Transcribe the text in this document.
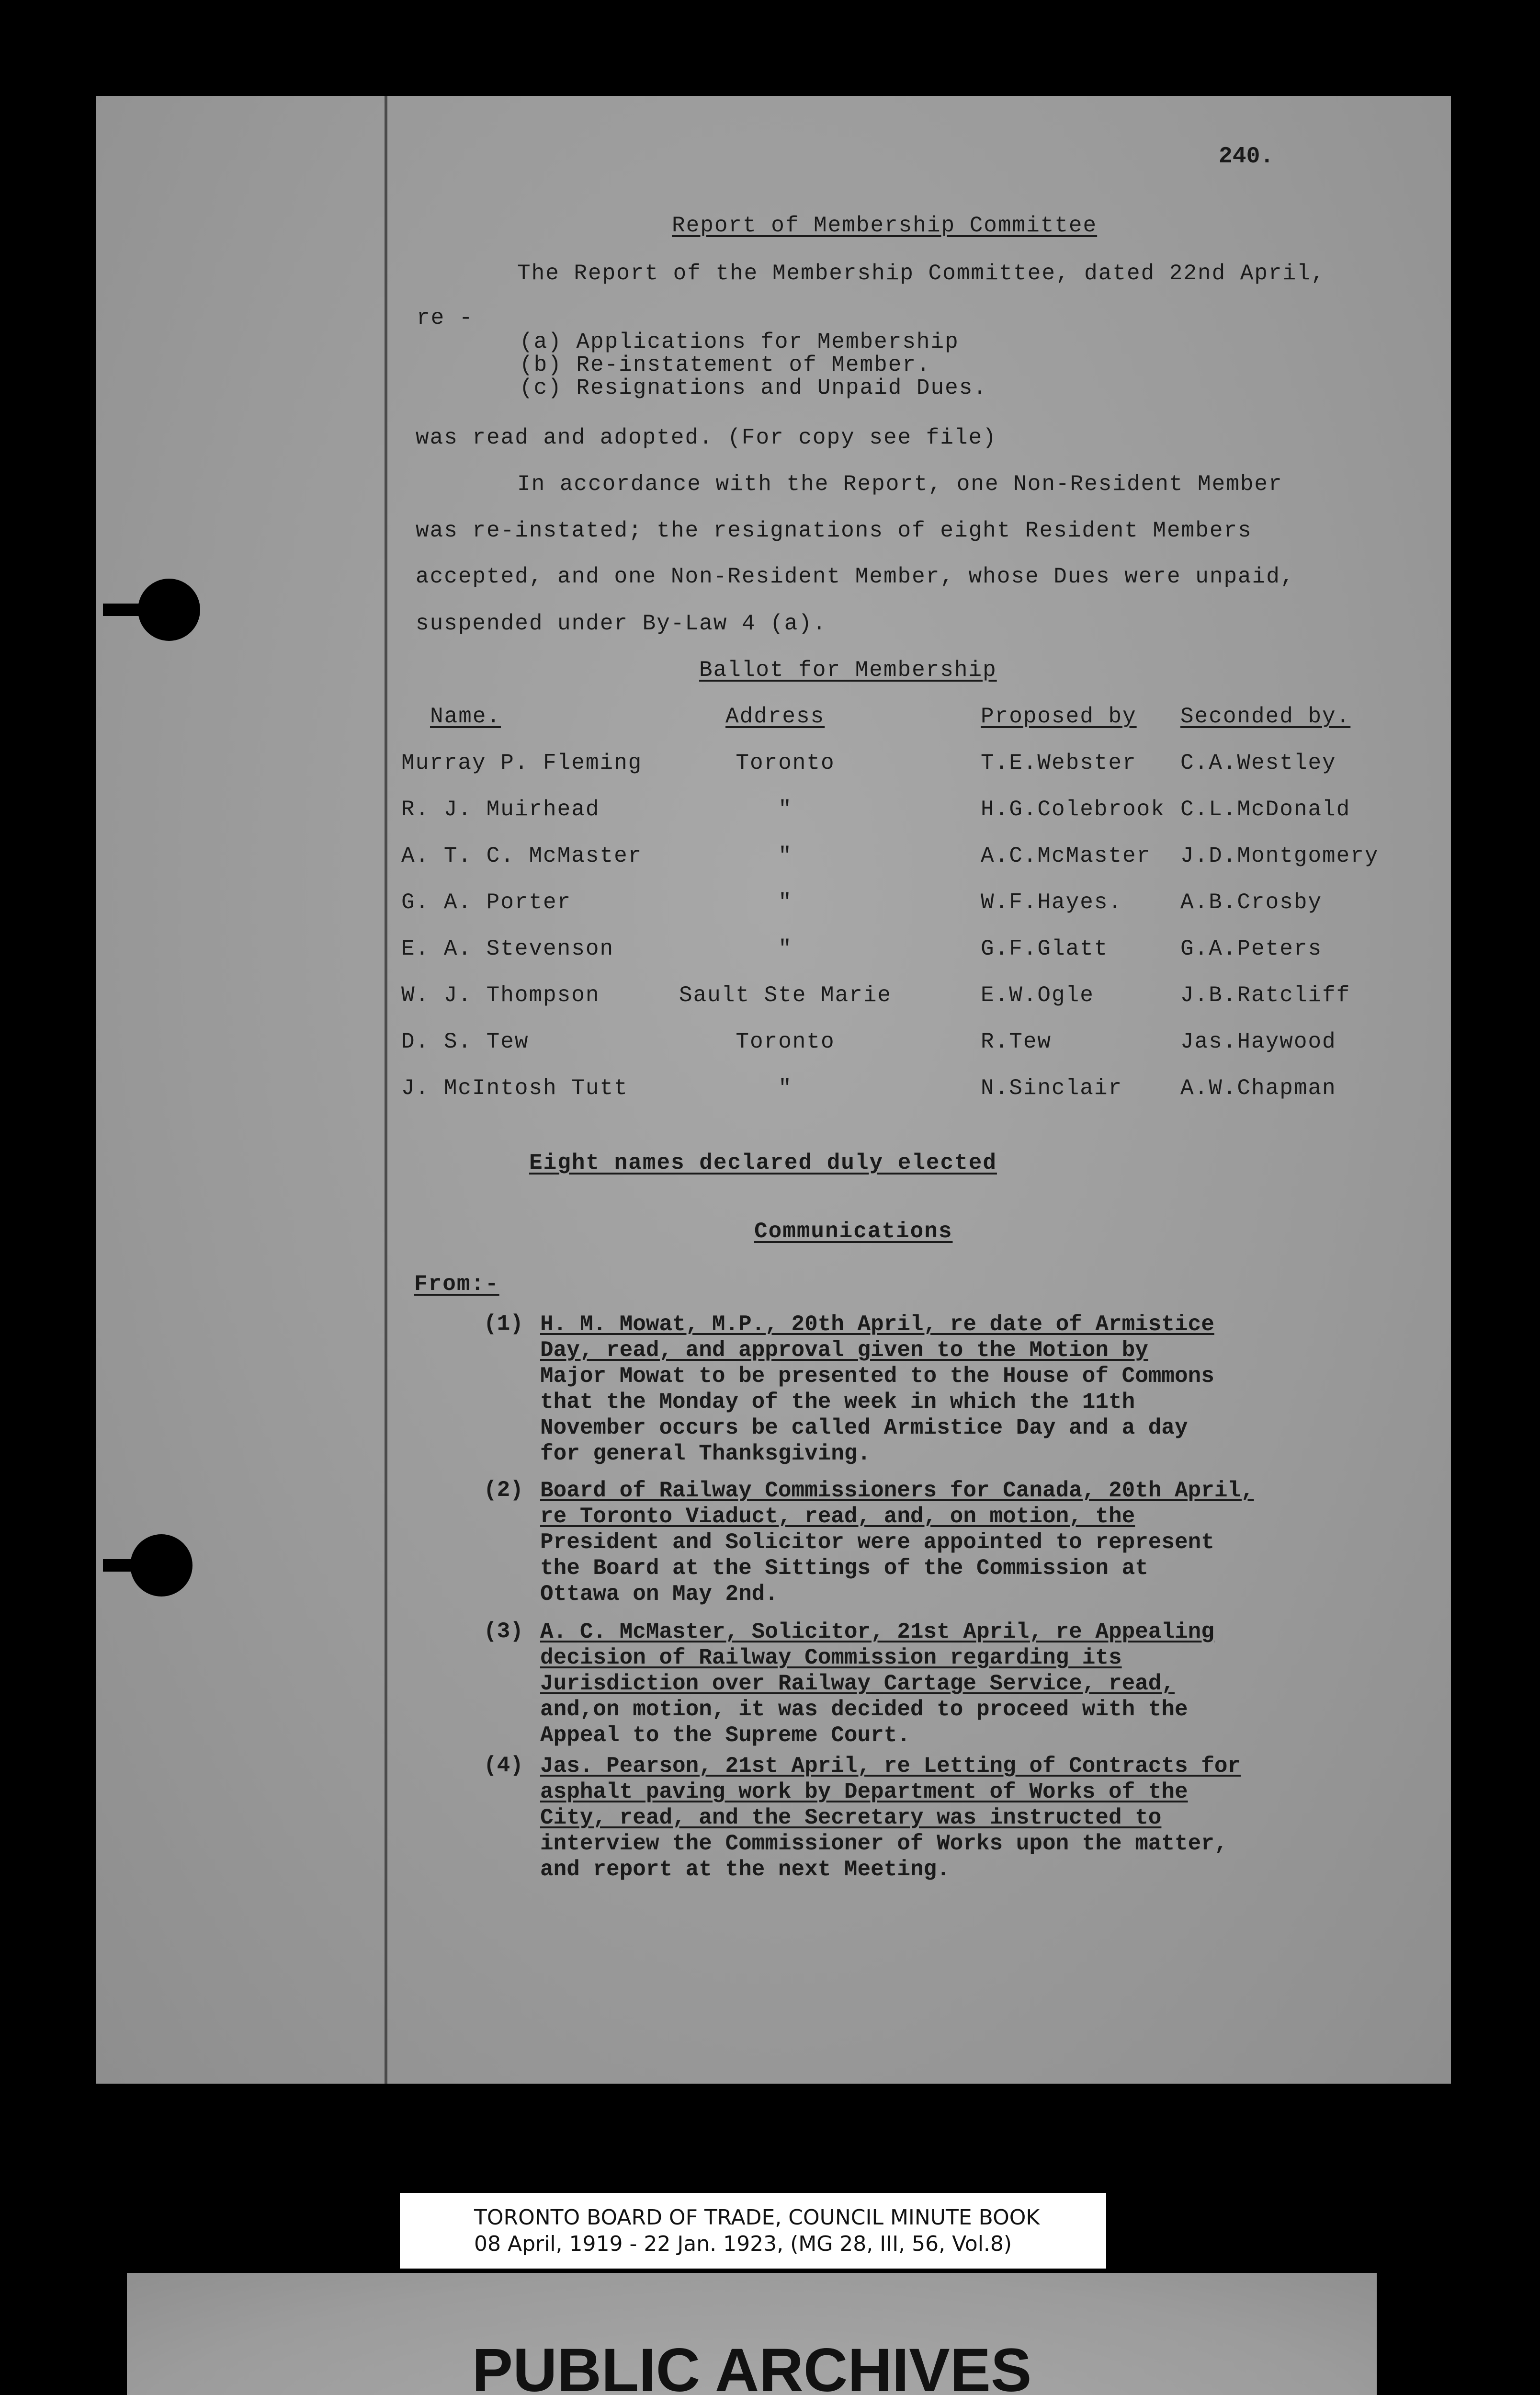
240.
Report of Membership Committee
The Report of the Membership Committee, dated 22nd April,
re -
(a) Applications for Membership
(b) Re-instatement of Member.
(c) Resignations and Unpaid Dues.
was read and adopted. (For copy see file)
In accordance with the Report, one Non-Resident Member
was re-instated; the resignations of eight Resident Members
accepted, and one Non-Resident Member, whose Dues were unpaid,
suspended under By-Law 4 (a).
Ballot for Membership
Name.	Address	Proposed by Seconded by.
Murray P. Fleming	Toronto	T.E.Webster C.A.Westley
R. J. Muirhead	"	H.G.Colebrook C.L.McDonald
A. T. C. McMaster	"	A.C.McMaster J.D.Montgomery
G. A. Porter	"	W.F.Hayes.	A.B.Crosby
E. A. Stevenson	"	G.F.Glatt	G.A.Peters
W. J. Thompson	Sault Ste Marie	E.W.Ogle	J.B.Ratcliff
D. S. Tew	Toronto	R.Tew	Jas.Haywood
J. McIntosh Tutt	"	N.Sinclair	A.W.Chapman
Eight names declared duly elected
Communications
From:-
(1) H. M. Mowat, M.P., 20th April, re date of Armistice
Day, read, and approval given to the Motion by
Major Mowat to be presented to the House of Commons
that the Monday of the week in which the 11th
November occurs be called Armistice Day and a day
for general Thanksgiving.
(2) Board of Railway Commissioners for Canada, 20th April,
re Toronto Viaduct, read, and, on motion, the
President and Solicitor were appointed to represent
the Board at the Sittings of the Commission at
Ottawa on May 2nd.
(3) A. C. McMaster, Solicitor, 21st April, re Appealing
decision of Railway Commission regarding its
Jurisdiction over Railway Cartage Service, read,
and,on motion, it was decided to proceed with the
Appeal to the Supreme Court.
(4) Jas. Pearson, 21st April, re Letting of Contracts for
asphalt paving work by Department of Works of the
City, read, and the Secretary was instructed to
interview the Commissioner of Works upon the matter,
and report at the next Meeting.
TORONTO BOARD OF TRADE, COUNCIL MINUTE BOOK
08 April, 1919 - 22 Jan. 1923, (MG 28, III, 56, Vol.8)
PUBLIC ARCHIVES
